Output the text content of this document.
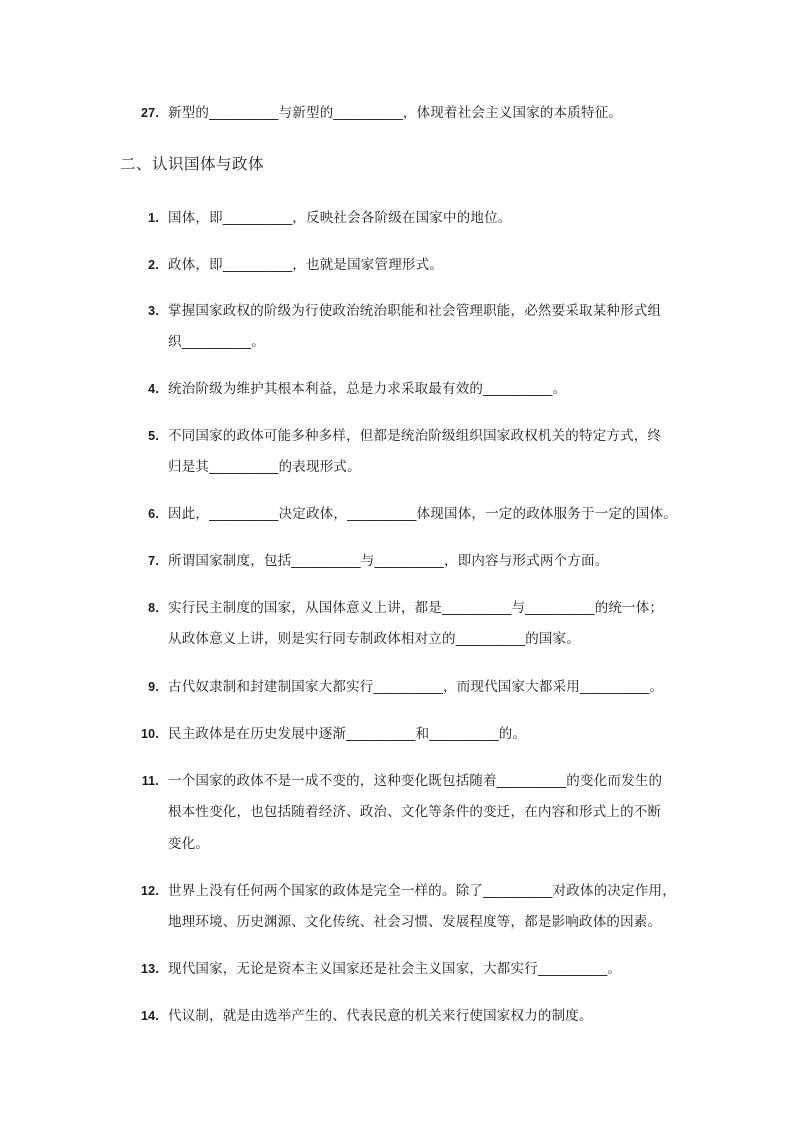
27. 新型的__________与新型的__________，体现着社会主义国家的本质特征。
二、认识国体与政体
1. 国体，即__________，反映社会各阶级在国家中的地位。
2. 政体，即__________，也就是国家管理形式。
3. 掌握国家政权的阶级为行使政治统治职能和社会管理职能，必然要采取某种形式组
织__________。
4. 统治阶级为维护其根本利益，总是力求采取最有效的__________。
5. 不同国家的政体可能多种多样，但都是统治阶级组织国家政权机关的特定方式，终
归是其__________的表现形式。
6. 因此，__________决定政体，__________体现国体，一定的政体服务于一定的国体。
7. 所谓国家制度，包括__________与__________，即内容与形式两个方面。
8. 实行民主制度的国家，从国体意义上讲，都是__________与__________的统一体；
从政体意义上讲，则是实行同专制政体相对立的__________的国家。
9. 古代奴隶制和封建制国家大都实行__________，而现代国家大都采用__________。
10. 民主政体是在历史发展中逐渐__________和__________的。
11. 一个国家的政体不是一成不变的，这种变化既包括随着__________的变化而发生的
根本性变化，也包括随着经济、政治、文化等条件的变迁，在内容和形式上的不断
变化。
12. 世界上没有任何两个国家的政体是完全一样的。除了__________对政体的决定作用，
地理环境、历史渊源、文化传统、社会习惯、发展程度等，都是影响政体的因素。
13. 现代国家，无论是资本主义国家还是社会主义国家，大都实行__________。
14. 代议制，就是由选举产生的、代表民意的机关来行使国家权力的制度。
